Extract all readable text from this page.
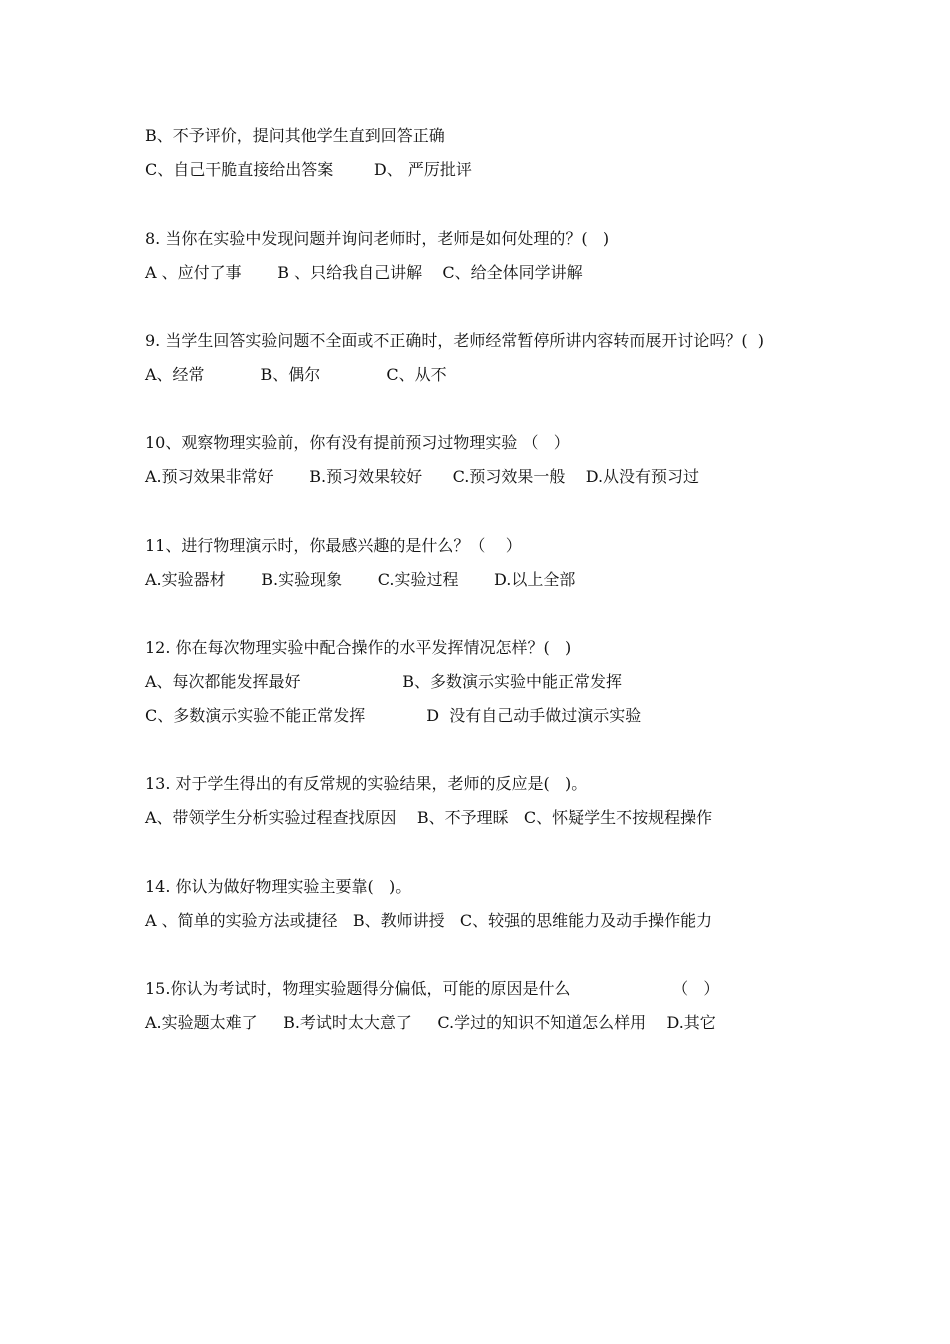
B、不予评价，提问其他学生直到回答正确
C、自己干脆直接给出答案        D、 严厉批评
8. 当你在实验中发现问题并询问老师时，老师是如何处理的？(   )
A 、应付了事       B 、只给我自己讲解    C、给全体同学讲解
9. 当学生回答实验问题不全面或不正确时，老师经常暂停所讲内容转而展开讨论吗？(  )
A、经常           B、偶尔             C、从不
10、观察物理实验前，你有没有提前预习过物理实验 （   ）
A.预习效果非常好       B.预习效果较好      C.预习效果一般    D.从没有预习过
11、进行物理演示时，你最感兴趣的是什么？（    ）
A.实验器材       B.实验现象       C.实验过程       D.以上全部
12. 你在每次物理实验中配合操作的水平发挥情况怎样？(   )
A、每次都能发挥最好                    B、多数演示实验中能正常发挥
C、多数演示实验不能正常发挥            D  没有自己动手做过演示实验
13. 对于学生得出的有反常规的实验结果，老师的反应是(   )。
A、带领学生分析实验过程查找原因    B、不予理睬   C、怀疑学生不按规程操作
14. 你认为做好物理实验主要靠(   )。
A 、简单的实验方法或捷径   B、教师讲授   C、较强的思维能力及动手操作能力
15.你认为考试时，物理实验题得分偏低，可能的原因是什么                    （   ）
A.实验题太难了     B.考试时太大意了     C.学过的知识不知道怎么样用    D.其它
